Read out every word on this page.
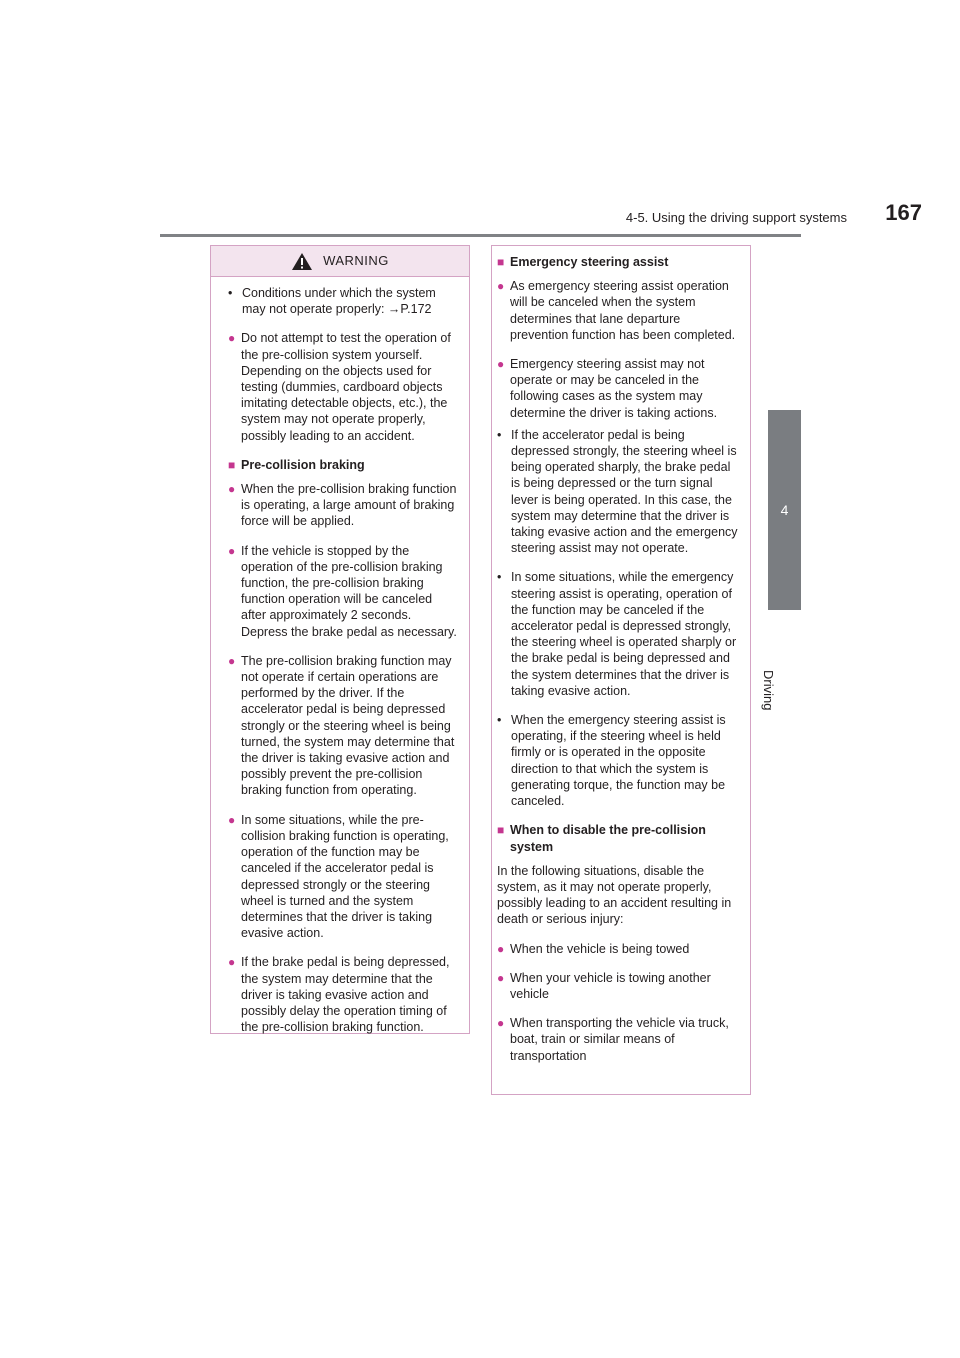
4-5. Using the driving support systems 167
4
Driving
WARNING

• Conditions under which the system may not operate properly: →P.172

● Do not attempt to test the operation of the pre-collision system yourself. Depending on the objects used for testing (dummies, cardboard objects imitating detectable objects, etc.), the system may not operate properly, possibly leading to an accident.

■ Pre-collision braking

● When the pre-collision braking function is operating, a large amount of braking force will be applied.

● If the vehicle is stopped by the operation of the pre-collision braking function, the pre-collision braking function operation will be canceled after approximately 2 seconds. Depress the brake pedal as necessary.

● The pre-collision braking function may not operate if certain operations are performed by the driver. If the accelerator pedal is being depressed strongly or the steering wheel is being turned, the system may determine that the driver is taking evasive action and possibly prevent the pre-collision braking function from operating.

● In some situations, while the pre-collision braking function is operating, operation of the function may be canceled if the accelerator pedal is depressed strongly or the steering wheel is turned and the system determines that the driver is taking evasive action.

● If the brake pedal is being depressed, the system may determine that the driver is taking evasive action and possibly delay the operation timing of the pre-collision braking function.

■ Emergency steering assist

● As emergency steering assist operation will be canceled when the system determines that lane departure prevention function has been completed.

● Emergency steering assist may not operate or may be canceled in the following cases as the system may determine the driver is taking actions.

• If the accelerator pedal is being depressed strongly, the steering wheel is being operated sharply, the brake pedal is being depressed or the turn signal lever is being operated. In this case, the system may determine that the driver is taking evasive action and the emergency steering assist may not operate.

• In some situations, while the emergency steering assist is operating, operation of the function may be canceled if the accelerator pedal is depressed strongly, the steering wheel is operated sharply or the brake pedal is being depressed and the system determines that the driver is taking evasive action.

• When the emergency steering assist is operating, if the steering wheel is held firmly or is operated in the opposite direction to that which the system is generating torque, the function may be canceled.

■ When to disable the pre-collision system

In the following situations, disable the system, as it may not operate properly, possibly leading to an accident resulting in death or serious injury:

● When the vehicle is being towed

● When your vehicle is towing another vehicle

● When transporting the vehicle via truck, boat, train or similar means of transportation
